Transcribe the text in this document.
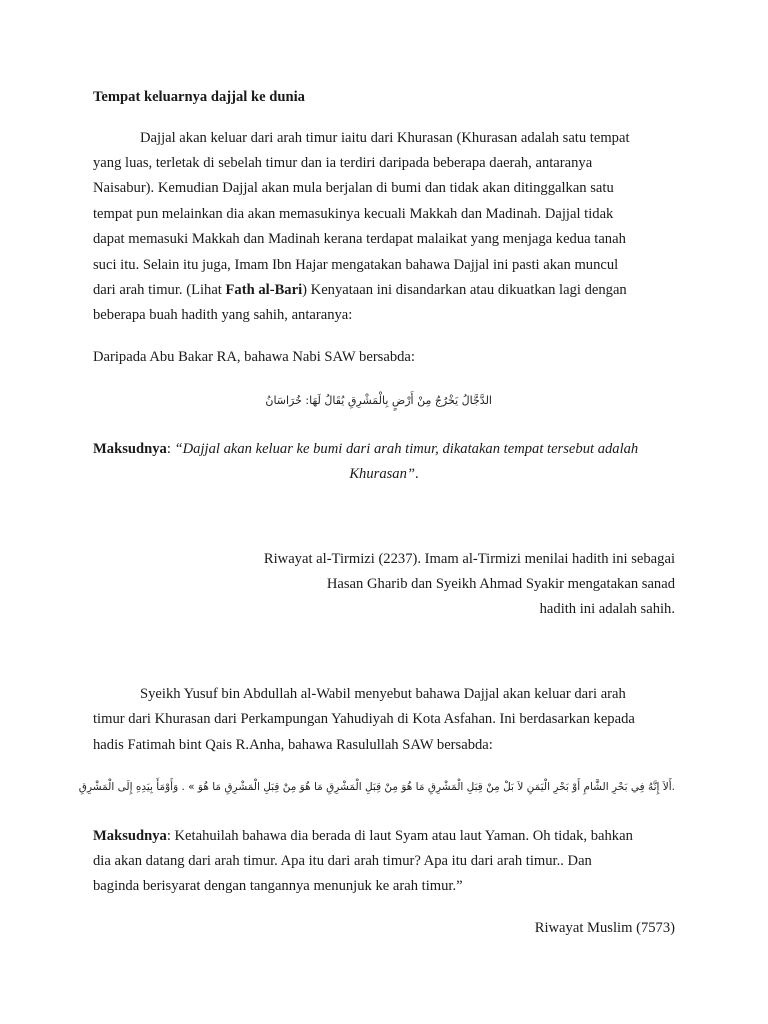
Tempat keluarnya dajjal ke dunia
Dajjal akan keluar dari arah timur iaitu dari Khurasan (Khurasan adalah satu tempat
yang luas, terletak di sebelah timur dan ia terdiri daripada beberapa daerah, antaranya
Naisabur). Kemudian Dajjal akan mula berjalan di bumi dan tidak akan ditinggalkan satu
tempat pun melainkan dia akan memasukinya kecuali Makkah dan Madinah. Dajjal tidak
dapat memasuki Makkah dan Madinah kerana terdapat malaikat yang menjaga kedua tanah
suci itu. Selain itu juga, Imam Ibn Hajar mengatakan bahawa Dajjal ini pasti akan muncul
dari arah timur. (Lihat Fath al-Bari) Kenyataan ini disandarkan atau dikuatkan lagi dengan
beberapa buah hadith yang sahih, antaranya:
Daripada Abu Bakar RA, bahawa Nabi SAW bersabda:
الدَّجَّالُ يَخْرُجُ مِنْ أَرْضٍ بِالْمَشْرِقِ يُقَالُ لَهَا: خُرَاسَانُ
Maksudnya: “Dajjal akan keluar ke bumi dari arah timur, dikatakan tempat tersebut adalah
Khurasan”.
Riwayat al-Tirmizi (2237). Imam al-Tirmizi menilai hadith ini sebagai
Hasan Gharib dan Syeikh Ahmad Syakir mengatakan sanad
hadith ini adalah sahih.
Syeikh Yusuf bin Abdullah al-Wabil menyebut bahawa Dajjal akan keluar dari arah
timur dari Khurasan dari Perkampungan Yahudiyah di Kota Asfahan. Ini berdasarkan kepada
hadis Fatimah bint Qais R.Anha, bahawa Rasulullah SAW bersabda:
.أَلاَ إِنَّهُ فِي بَحْرِ الشَّامِ أَوْ بَحْرِ الْيَمَنِ لاَ بَلْ مِنْ قِبَلِ الْمَشْرِقِ مَا هُوَ مِنْ قِبَلِ الْمَشْرِقِ مَا هُوَ مِنْ قِبَلِ الْمَشْرِقِ مَا هُوَ » . وَأَوْمَأَ بِيَدِهِ إِلَى الْمَشْرِقِ
Maksudnya: Ketahuilah bahawa dia berada di laut Syam atau laut Yaman. Oh tidak, bahkan
dia akan datang dari arah timur. Apa itu dari arah timur? Apa itu dari arah timur.. Dan
baginda berisyarat dengan tangannya menunjuk ke arah timur.”
Riwayat Muslim (7573)
